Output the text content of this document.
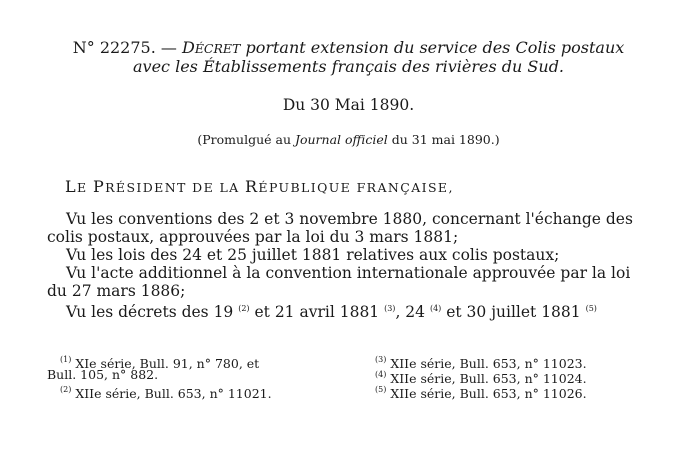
N° 22275. — DÉCRET portant extension du service des Colis postaux
avec les Établissements français des rivières du Sud.
Du 30 Mai 1890.
(Promulgué au Journal officiel du 31 mai 1890.)
LE PRÉSIDENT DE LA RÉPUBLIQUE FRANÇAISE,
Vu les conventions des 2 et 3 novembre 1880, concernant l'échange des
colis postaux, approuvées par la loi du 3 mars 1881;
Vu les lois des 24 et 25 juillet 1881 relatives aux colis postaux;
Vu l'acte additionnel à la convention internationale approuvée par la loi
du 27 mars 1886;
Vu les décrets des 19 $^{(2)}$ et 21 avril 1881 $^{(3)}$, 24 $^{(4)}$ et 30 juillet 1881 $^{(5)}$
$^{(1)}$ XIe série, Bull. 91, n° 780, et
Bull. 105, n° 882.
$^{(2)}$ XIIe série, Bull. 653, n° 11021.
$^{(3)}$ XIIe série, Bull. 653, n° 11023.
$^{(4)}$ XIIe série, Bull. 653, n° 11024.
$^{(5)}$ XIIe série, Bull. 653, n° 11026.
